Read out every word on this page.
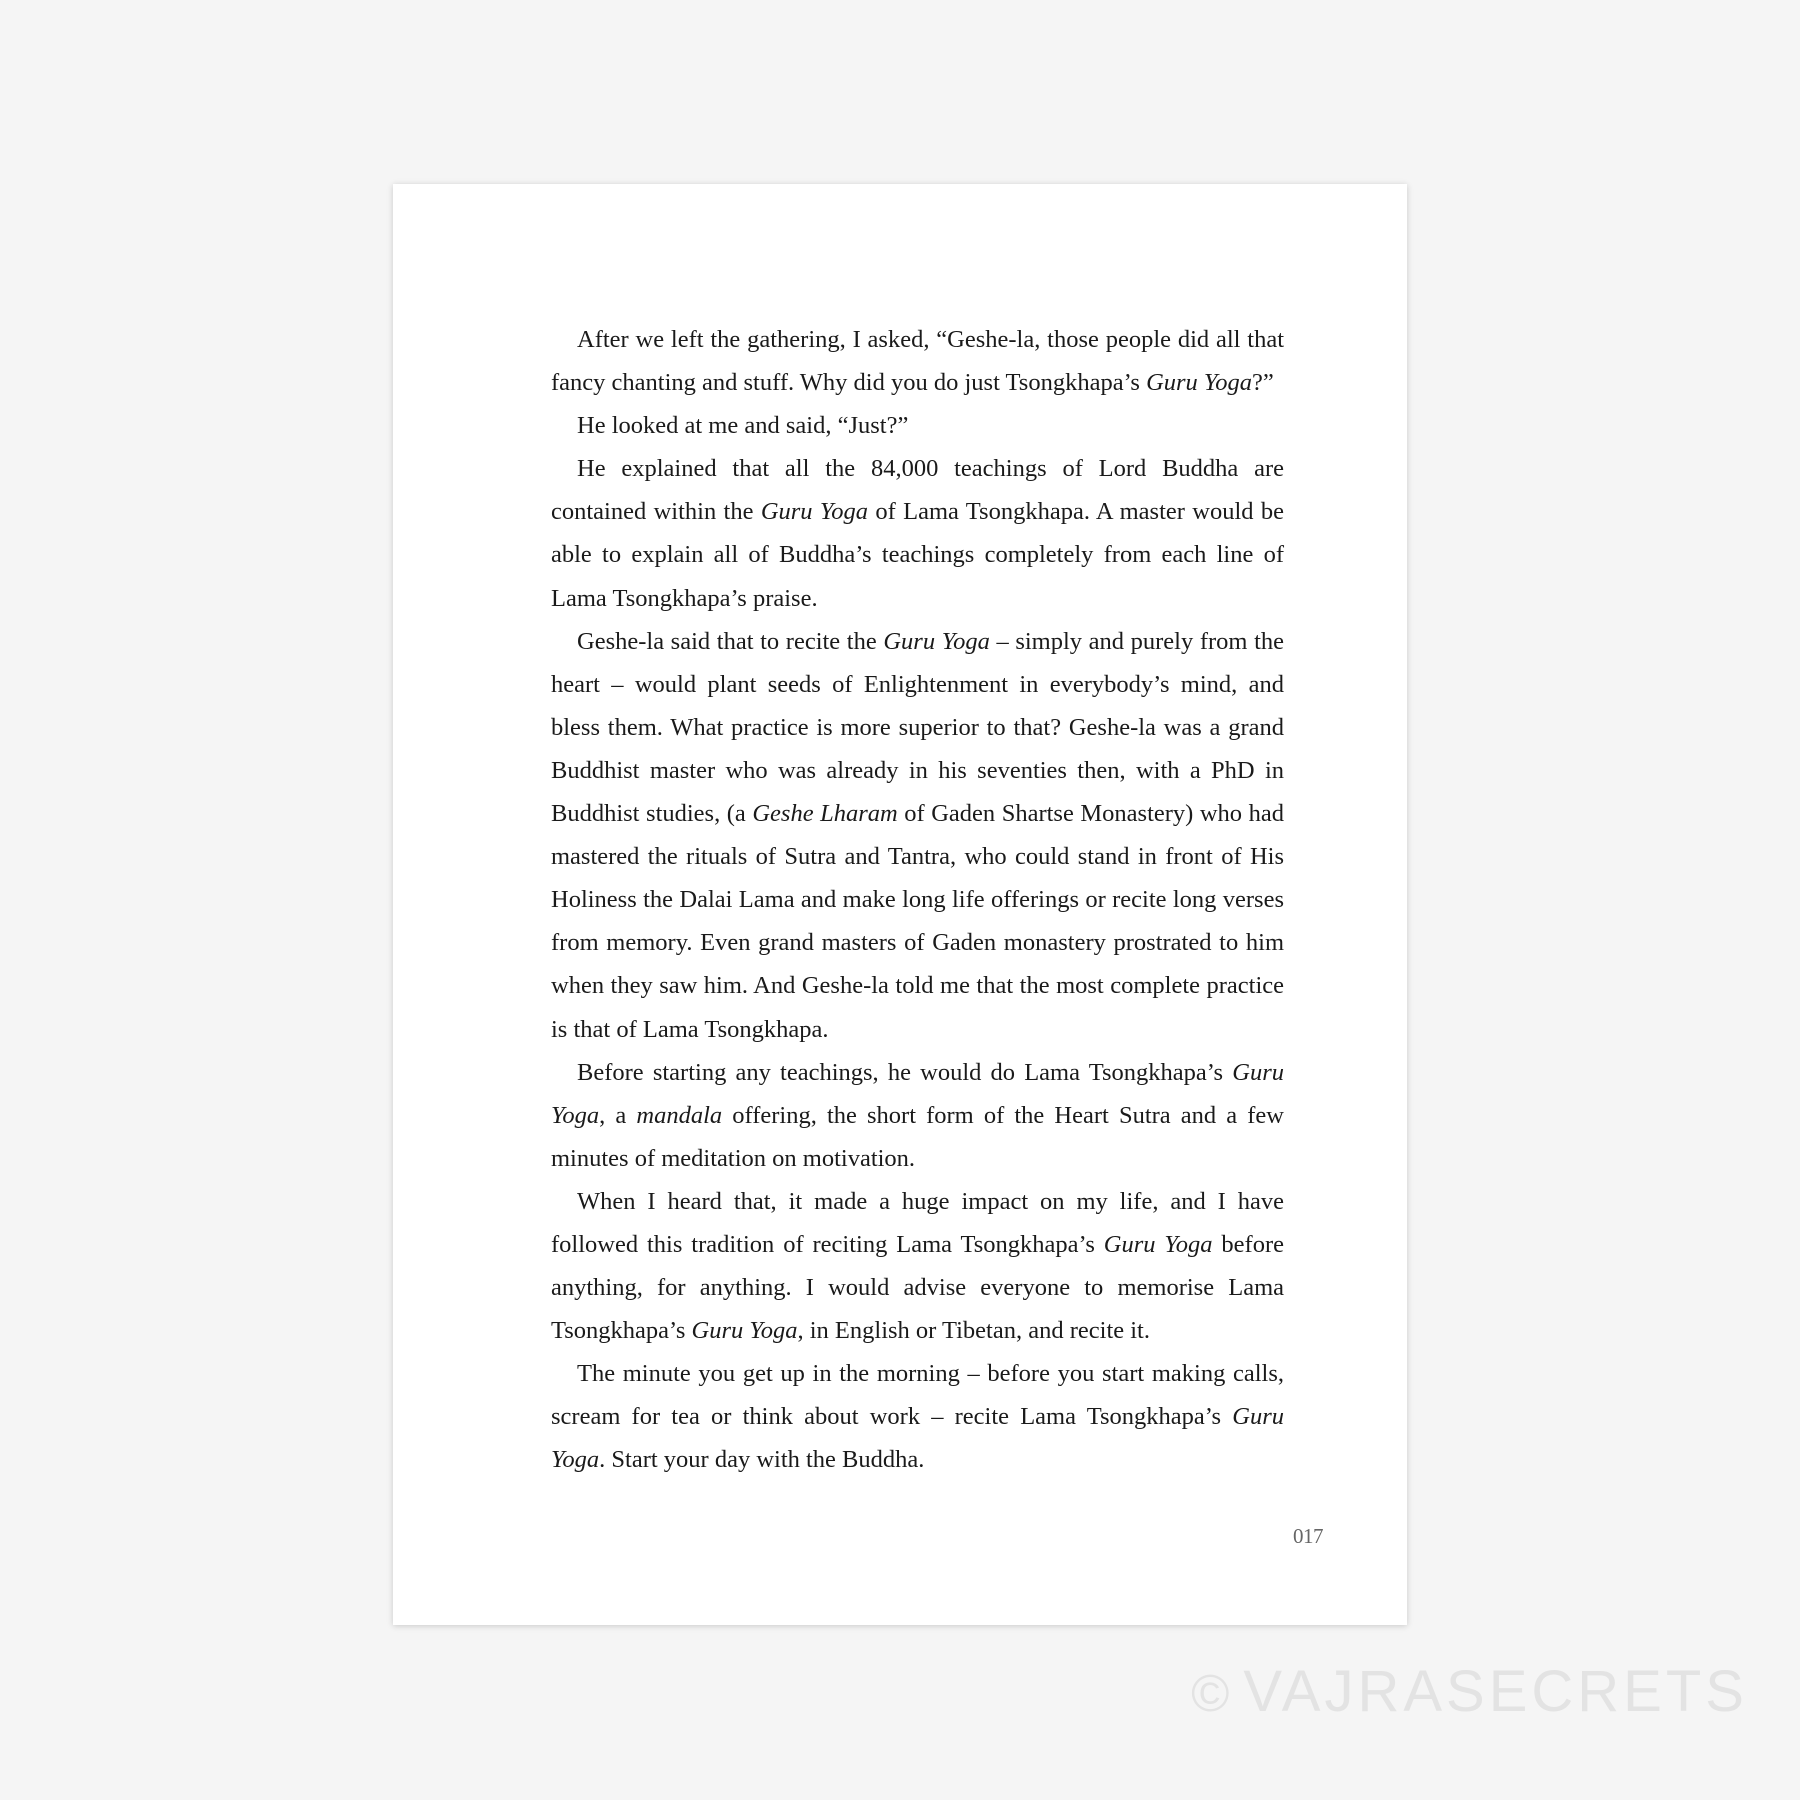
After we left the gathering, I asked, “Geshe-la, those people did all that fancy chanting and stuff. Why did you do just Tsongkhapa’s Guru Yoga?”

He looked at me and said, “Just?”

He explained that all the 84,000 teachings of Lord Buddha are contained within the Guru Yoga of Lama Tsongkhapa. A master would be able to explain all of Buddha’s teachings completely from each line of Lama Tsongkhapa’s praise.

Geshe-la said that to recite the Guru Yoga – simply and purely from the heart – would plant seeds of Enlightenment in everybody’s mind, and bless them. What practice is more superior to that? Geshe-la was a grand Buddhist master who was already in his seventies then, with a PhD in Buddhist studies, (a Geshe Lharam of Gaden Shartse Monastery) who had mastered the rituals of Sutra and Tantra, who could stand in front of His Holiness the Dalai Lama and make long life offerings or recite long verses from memory. Even grand masters of Gaden monastery prostrated to him when they saw him. And Geshe-la told me that the most complete practice is that of Lama Tsongkhapa.

Before starting any teachings, he would do Lama Tsongkhapa’s Guru Yoga, a mandala offering, the short form of the Heart Sutra and a few minutes of meditation on motivation.

When I heard that, it made a huge impact on my life, and I have followed this tradition of reciting Lama Tsongkhapa’s Guru Yoga before anything, for anything. I would advise everyone to memorise Lama Tsongkhapa’s Guru Yoga, in English or Tibetan, and recite it.

The minute you get up in the morning – before you start making calls, scream for tea or think about work – recite Lama Tsongkhapa’s Guru Yoga. Start your day with the Buddha.

017
© VAJRASECRETS
